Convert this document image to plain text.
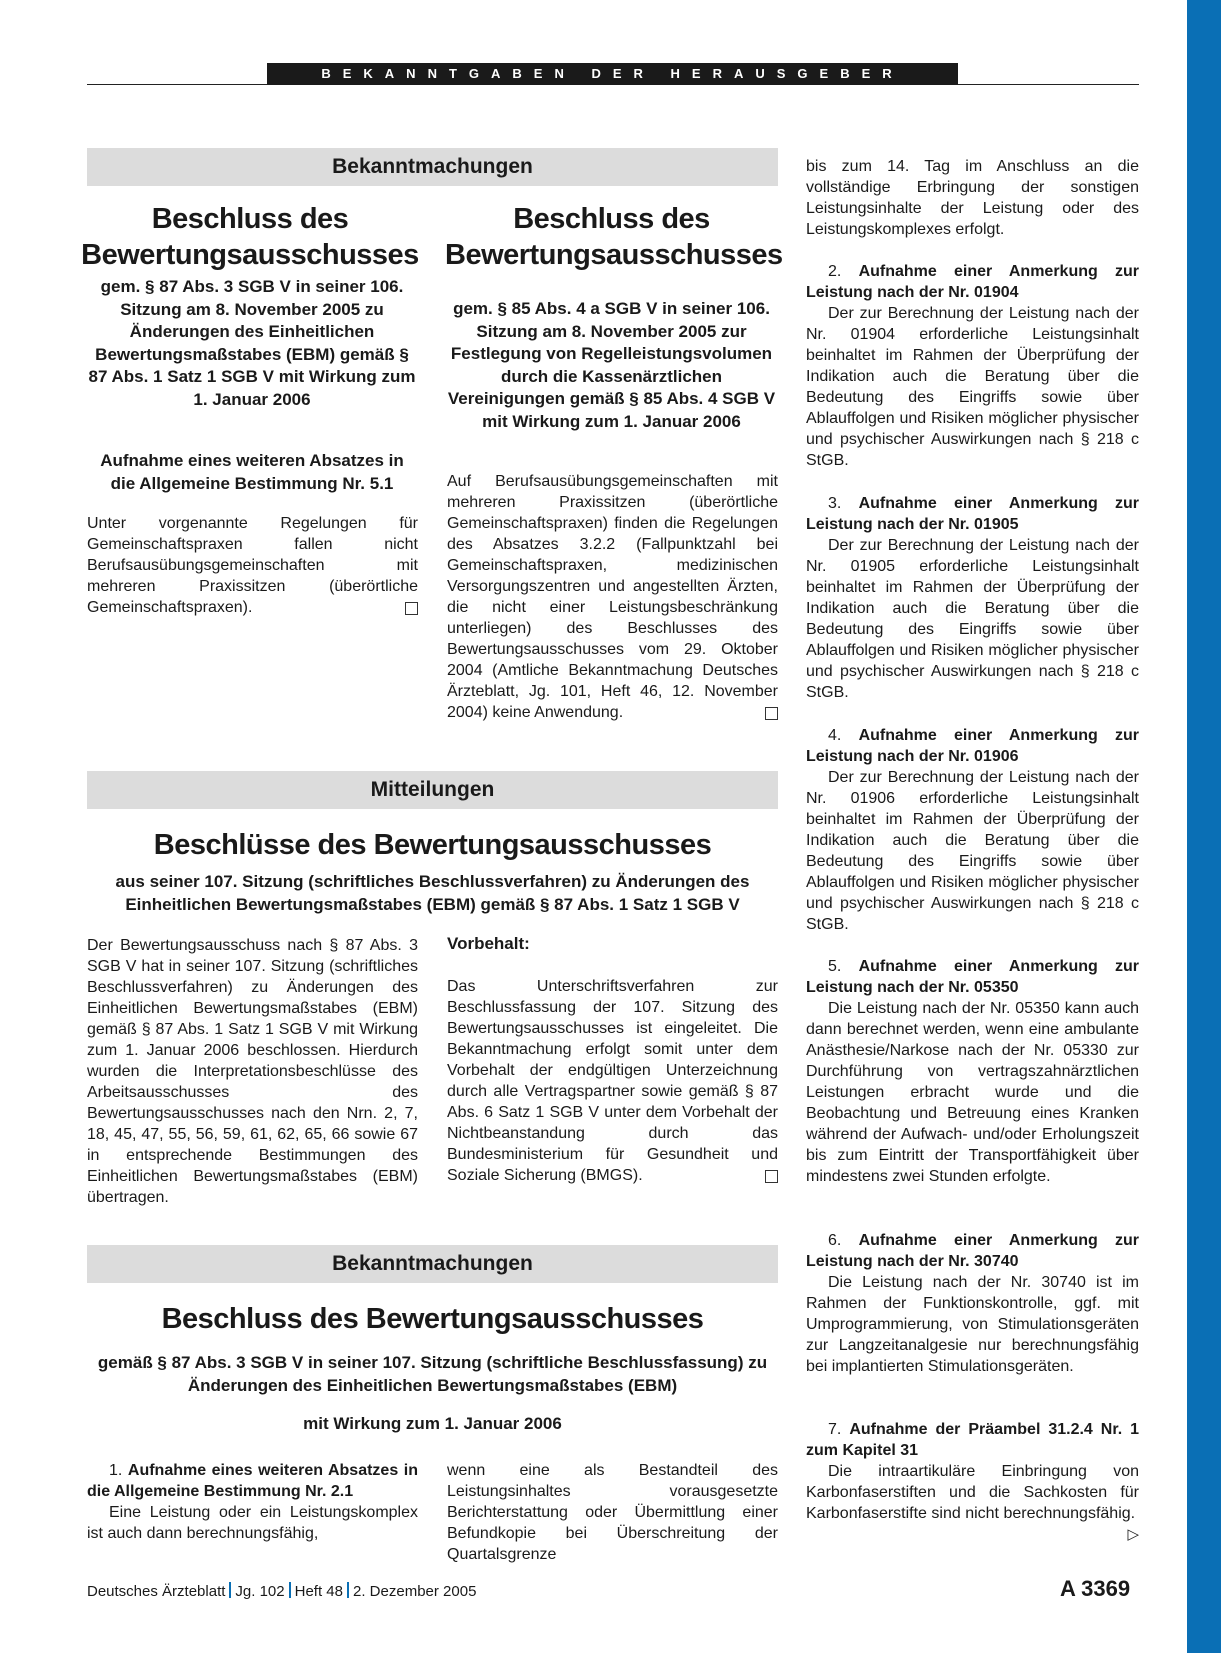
BEKANNTGABEN DER HERAUSGEBER
Bekanntmachungen
Beschluss des Bewertungsausschusses
gem. § 87 Abs. 3 SGB V in seiner 106. Sitzung am 8. November 2005 zu Änderungen des Einheitlichen Bewertungsmaßstabes (EBM) gemäß § 87 Abs. 1 Satz 1 SGB V mit Wirkung zum 1. Januar 2006
Aufnahme eines weiteren Absatzes in die Allgemeine Bestimmung Nr. 5.1

Unter vorgenannte Regelungen für Gemeinschaftspraxen fallen nicht Berufsausübungsgemeinschaften mit mehreren Praxissitzen (überörtliche Gemeinschaftspraxen).

Beschluss des Bewertungsausschusses
gem. § 85 Abs. 4 a SGB V in seiner 106. Sitzung am 8. November 2005 zur Festlegung von Regelleistungsvolumen durch die Kassenärztlichen Vereinigungen gemäß § 85 Abs. 4 SGB V mit Wirkung zum 1. Januar 2006

Auf Berufsausübungsgemeinschaften mit mehreren Praxissitzen (überörtliche Gemeinschaftspraxen) finden die Regelungen des Absatzes 3.2.2 (Fallpunktzahl bei Gemeinschaftspraxen, medizinischen Versorgungszentren und angestellten Ärzten, die nicht einer Leistungsbeschränkung unterliegen) des Beschlusses des Bewertungsausschusses vom 29. Oktober 2004 (Amtliche Bekanntmachung Deutsches Ärzteblatt, Jg. 101, Heft 46, 12. November 2004) keine Anwendung.

Mitteilungen
Beschlüsse des Bewertungsausschusses
aus seiner 107. Sitzung (schriftliches Beschlussverfahren) zu Änderungen des Einheitlichen Bewertungsmaßstabes (EBM) gemäß § 87 Abs. 1 Satz 1 SGB V

Der Bewertungsausschuss nach § 87 Abs. 3 SGB V hat in seiner 107. Sitzung (schriftliches Beschlussverfahren) zu Änderungen des Einheitlichen Bewertungsmaßstabes (EBM) gemäß § 87 Abs. 1 Satz 1 SGB V mit Wirkung zum 1. Januar 2006 beschlossen. Hierdurch wurden die Interpretationsbeschlüsse des Arbeitsausschusses des Bewertungsausschusses nach den Nrn. 2, 7, 18, 45, 47, 55, 56, 59, 61, 62, 65, 66 sowie 67 in entsprechende Bestimmungen des Einheitlichen Bewertungsmaßstabes (EBM) übertragen.

Vorbehalt:

Das Unterschriftsverfahren zur Beschlussfassung der 107. Sitzung des Bewertungsausschusses ist eingeleitet. Die Bekanntmachung erfolgt somit unter dem Vorbehalt der endgültigen Unterzeichnung durch alle Vertragspartner sowie gemäß § 87 Abs. 6 Satz 1 SGB V unter dem Vorbehalt der Nichtbeanstandung durch das Bundesministerium für Gesundheit und Soziale Sicherung (BMGS).

Bekanntmachungen
Beschluss des Bewertungsausschusses
gemäß § 87 Abs. 3 SGB V in seiner 107. Sitzung (schriftliche Beschlussfassung) zu Änderungen des Einheitlichen Bewertungsmaßstabes (EBM)
mit Wirkung zum 1. Januar 2006

1. Aufnahme eines weiteren Absatzes in die Allgemeine Bestimmung Nr. 2.1
Eine Leistung oder ein Leistungskomplex ist auch dann berechnungsfähig,

wenn eine als Bestandteil des Leistungsinhaltes vorausgesetzte Berichterstattung oder Übermittlung einer Befundkopie bei Überschreitung der Quartalsgrenze

bis zum 14. Tag im Anschluss an die vollständige Erbringung der sonstigen Leistungsinhalte der Leistung oder des Leistungskomplexes erfolgt.

2. Aufnahme einer Anmerkung zur Leistung nach der Nr. 01904
Der zur Berechnung der Leistung nach der Nr. 01904 erforderliche Leistungsinhalt beinhaltet im Rahmen der Überprüfung der Indikation auch die Beratung über die Bedeutung des Eingriffs sowie über Ablauffolgen und Risiken möglicher physischer und psychischer Auswirkungen nach § 218 c StGB.

3. Aufnahme einer Anmerkung zur Leistung nach der Nr. 01905
Der zur Berechnung der Leistung nach der Nr. 01905 erforderliche Leistungsinhalt beinhaltet im Rahmen der Überprüfung der Indikation auch die Beratung über die Bedeutung des Eingriffs sowie über Ablauffolgen und Risiken möglicher physischer und psychischer Auswirkungen nach § 218 c StGB.

4. Aufnahme einer Anmerkung zur Leistung nach der Nr. 01906
Der zur Berechnung der Leistung nach der Nr. 01906 erforderliche Leistungsinhalt beinhaltet im Rahmen der Überprüfung der Indikation auch die Beratung über die Bedeutung des Eingriffs sowie über Ablauffolgen und Risiken möglicher physischer und psychischer Auswirkungen nach § 218 c StGB.

5. Aufnahme einer Anmerkung zur Leistung nach der Nr. 05350
Die Leistung nach der Nr. 05350 kann auch dann berechnet werden, wenn eine ambulante Anästhesie/Narkose nach der Nr. 05330 zur Durchführung von vertragszahnärztlichen Leistungen erbracht wurde und die Beobachtung und Betreuung eines Kranken während der Aufwach- und/oder Erholungszeit bis zum Eintritt der Transportfähigkeit über mindestens zwei Stunden erfolgte.

6. Aufnahme einer Anmerkung zur Leistung nach der Nr. 30740
Die Leistung nach der Nr. 30740 ist im Rahmen der Funktionskontrolle, ggf. mit Umprogrammierung, von Stimulationsgeräten zur Langzeitanalgesie nur berechnungsfähig bei implantierten Stimulationsgeräten.

7. Aufnahme der Präambel 31.2.4 Nr. 1 zum Kapitel 31
Die intraartikuläre Einbringung von Karbonfaserstiften und die Sachkosten für Karbonfaserstifte sind nicht berechnungsfähig.
▷

Deutsches Ärzteblatt Jg. 102 Heft 48 2. Dezember 2005	A 3369
